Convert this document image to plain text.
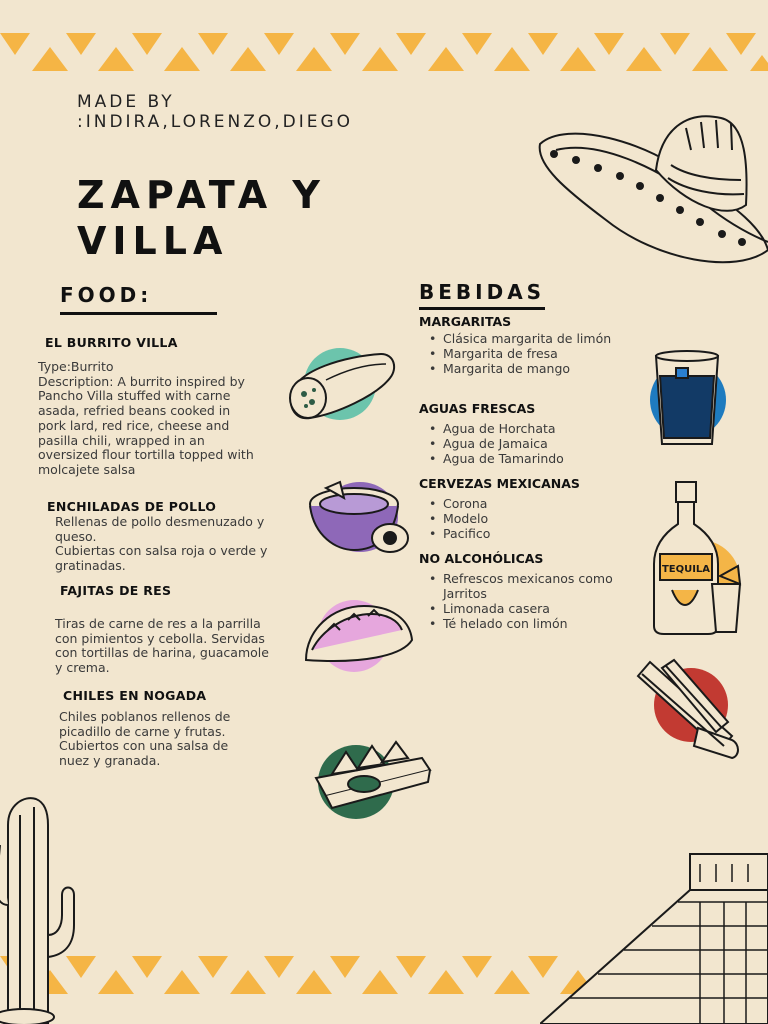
MADE BY
:INDIRA,LORENZO,DIEGO
ZAPATA Y
VILLA
FOOD:
EL BURRITO VILLA
Type:Burrito
Description: A burrito inspired by Pancho Villa stuffed with carne asada, refried beans cooked in pork lard, red rice, cheese and pasilla chili, wrapped in an oversized flour tortilla topped with molcajete salsa
ENCHILADAS DE POLLO
Rellenas de pollo desmenuzado y queso.
Cubiertas con salsa roja o verde y gratinadas.
FAJITAS DE RES
Tiras de carne de res a la parrilla con pimientos y cebolla. Servidas con tortillas de harina, guacamole y crema.
CHILES EN NOGADA
Chiles poblanos rellenos de picadillo de carne y frutas. Cubiertos con una salsa de nuez y granada.
BEBIDAS
MARGARITAS
• Clásica margarita de limón
• Margarita de fresa
• Margarita de mango
AGUAS FRESCAS
• Agua de Horchata
• Agua de Jamaica
• Agua de Tamarindo
CERVEZAS MEXICANAS
• Corona
• Modelo
• Pacifico
NO ALCOHÓLICAS
• Refrescos mexicanos como Jarritos
• Limonada casera
• Té helado con limón
TEQUILA
